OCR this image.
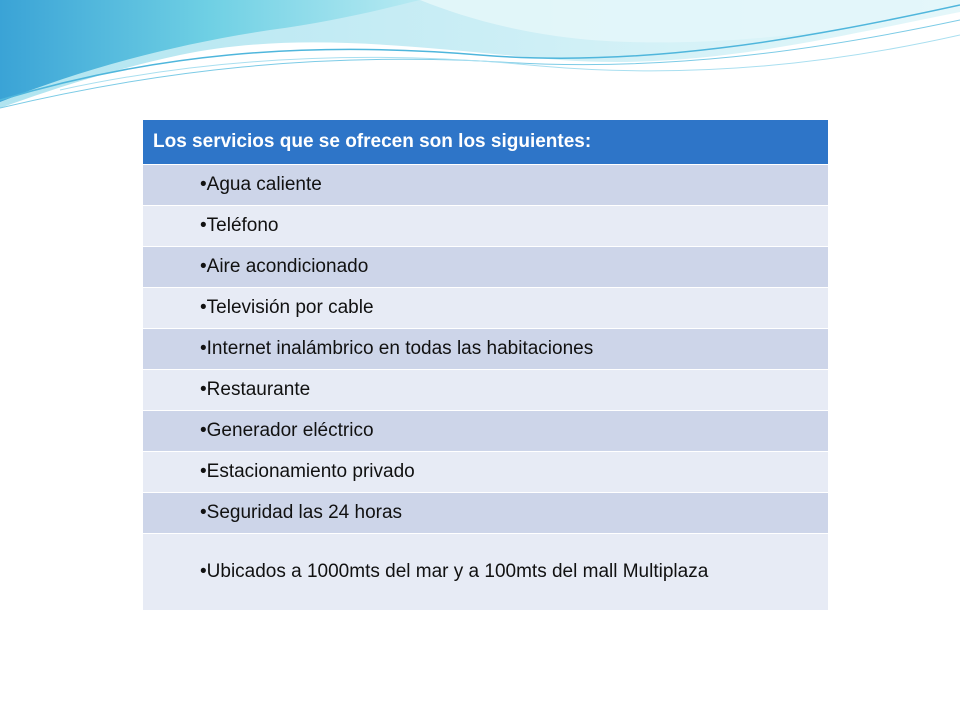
Los servicios que se ofrecen son los siguientes:
•Agua caliente
•Teléfono
•Aire acondicionado
•Televisión por cable
•Internet inalámbrico en todas las habitaciones
•Restaurante
•Generador eléctrico
•Estacionamiento privado
•Seguridad las 24 horas
•Ubicados a 1000mts del mar y a 100mts del mall Multiplaza
